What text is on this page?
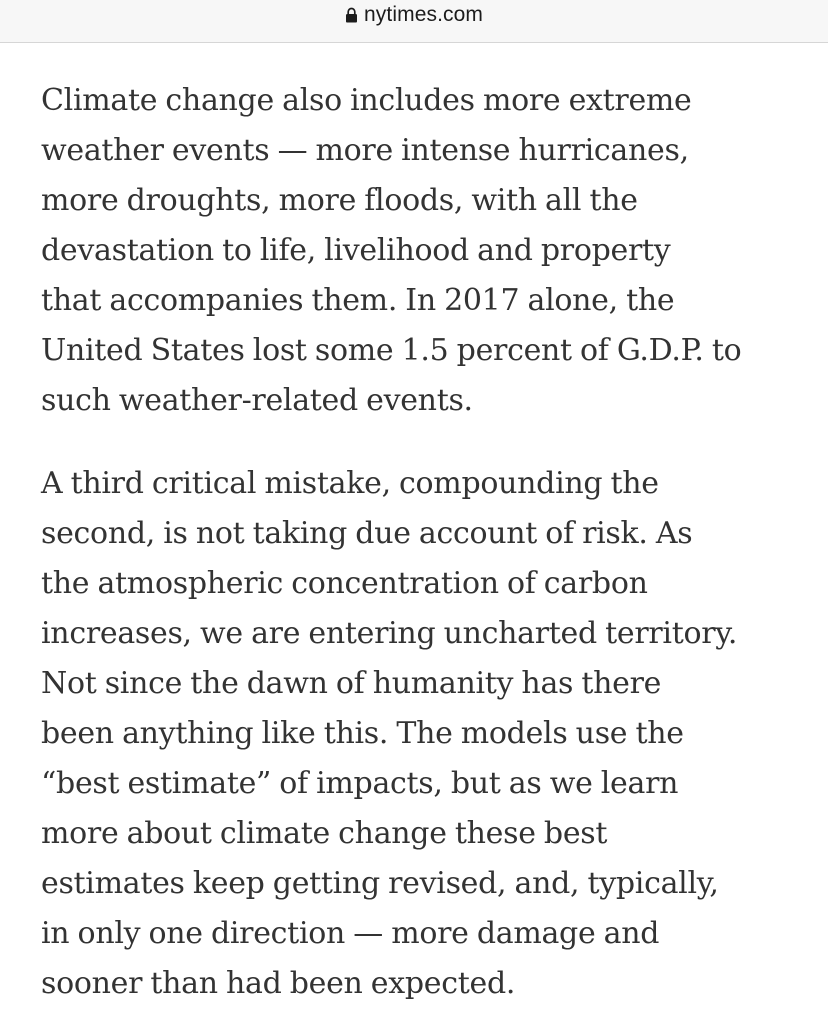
nytimes.com

Climate change also includes more extreme
weather events — more intense hurricanes,
more droughts, more floods, with all the
devastation to life, livelihood and property
that accompanies them. In 2017 alone, the
United States lost some 1.5 percent of G.D.P. to
such weather-related events.

A third critical mistake, compounding the
second, is not taking due account of risk. As
the atmospheric concentration of carbon
increases, we are entering uncharted territory.
Not since the dawn of humanity has there
been anything like this. The models use the
“best estimate” of impacts, but as we learn
more about climate change these best
estimates keep getting revised, and, typically,
in only one direction — more damage and
sooner than had been expected.
